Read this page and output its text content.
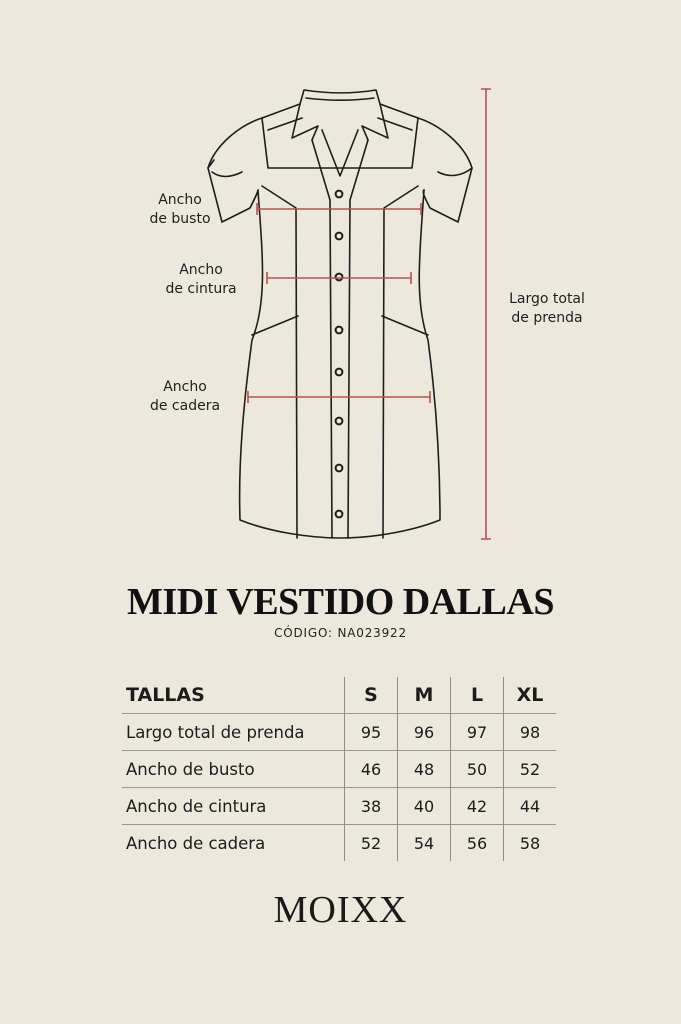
Ancho
de busto
Ancho
de cintura
Ancho
de cadera
Largo total
de prenda
MIDI VESTIDO DALLAS
CÓDIGO: NA023922
TALLAS	S	M	L	XL
Largo total de prenda	95	96	97	98
Ancho de busto	46	48	50	52
Ancho de cintura	38	40	42	44
Ancho de cadera	52	54	56	58
MOIXX
